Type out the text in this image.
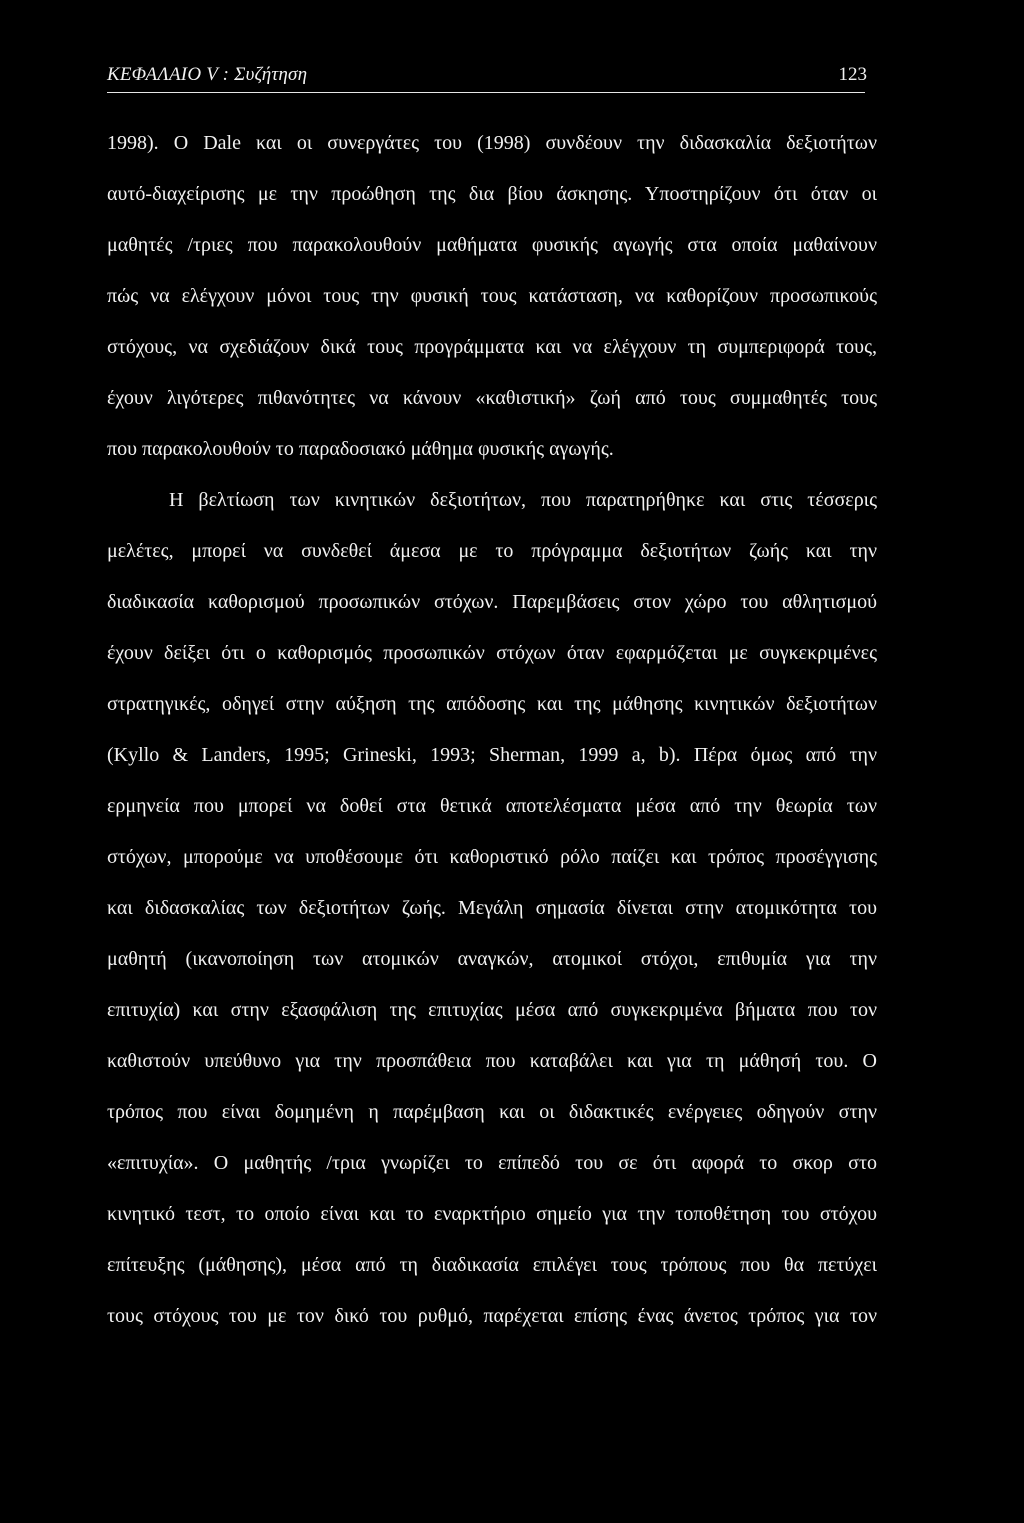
ΚΕΦΑΛΑΙΟ V : Συζήτηση	123
1998). Ο Dale και οι συνεργάτες του (1998) συνδέουν την διδασκαλία δεξιοτήτων
αυτό-διαχείρισης με την προώθηση της δια βίου άσκησης. Υποστηρίζουν ότι όταν οι
μαθητές /τριες που παρακολουθούν μαθήματα φυσικής αγωγής στα οποία μαθαίνουν
πώς να ελέγχουν μόνοι τους την φυσική τους κατάσταση, να καθορίζουν προσωπικούς
στόχους, να σχεδιάζουν δικά τους προγράμματα και να ελέγχουν τη συμπεριφορά τους,
έχουν λιγότερες πιθανότητες να κάνουν «καθιστική» ζωή από τους συμμαθητές τους
που παρακολουθούν το παραδοσιακό μάθημα φυσικής αγωγής.
Η βελτίωση των κινητικών δεξιοτήτων, που παρατηρήθηκε και στις τέσσερις
μελέτες, μπορεί να συνδεθεί άμεσα με το πρόγραμμα δεξιοτήτων ζωής και την
διαδικασία καθορισμού προσωπικών στόχων. Παρεμβάσεις στον χώρο του αθλητισμού
έχουν δείξει ότι ο καθορισμός προσωπικών στόχων όταν εφαρμόζεται με συγκεκριμένες
στρατηγικές, οδηγεί στην αύξηση της απόδοσης και της μάθησης κινητικών δεξιοτήτων
(Kyllo & Landers, 1995; Grineski, 1993; Sherman, 1999 a, b). Πέρα όμως από την
ερμηνεία που μπορεί να δοθεί στα θετικά αποτελέσματα μέσα από την θεωρία των
στόχων, μπορούμε να υποθέσουμε ότι καθοριστικό ρόλο παίζει και τρόπος προσέγγισης
και διδασκαλίας των δεξιοτήτων ζωής. Μεγάλη σημασία δίνεται στην ατομικότητα του
μαθητή (ικανοποίηση των ατομικών αναγκών, ατομικοί στόχοι, επιθυμία για την
επιτυχία) και στην εξασφάλιση της επιτυχίας μέσα από συγκεκριμένα βήματα που τον
καθιστούν υπεύθυνο για την προσπάθεια που καταβάλει και για τη μάθησή του. Ο
τρόπος που είναι δομημένη η παρέμβαση και οι διδακτικές ενέργειες οδηγούν στην
«επιτυχία». Ο μαθητής /τρια γνωρίζει το επίπεδό του σε ότι αφορά το σκορ στο
κινητικό τεστ, το οποίο είναι και το εναρκτήριο σημείο για την τοποθέτηση του στόχου
επίτευξης (μάθησης), μέσα από τη διαδικασία επιλέγει τους τρόπους που θα πετύχει
τους στόχους του με τον δικό του ρυθμό, παρέχεται επίσης ένας άνετος τρόπος για τον
